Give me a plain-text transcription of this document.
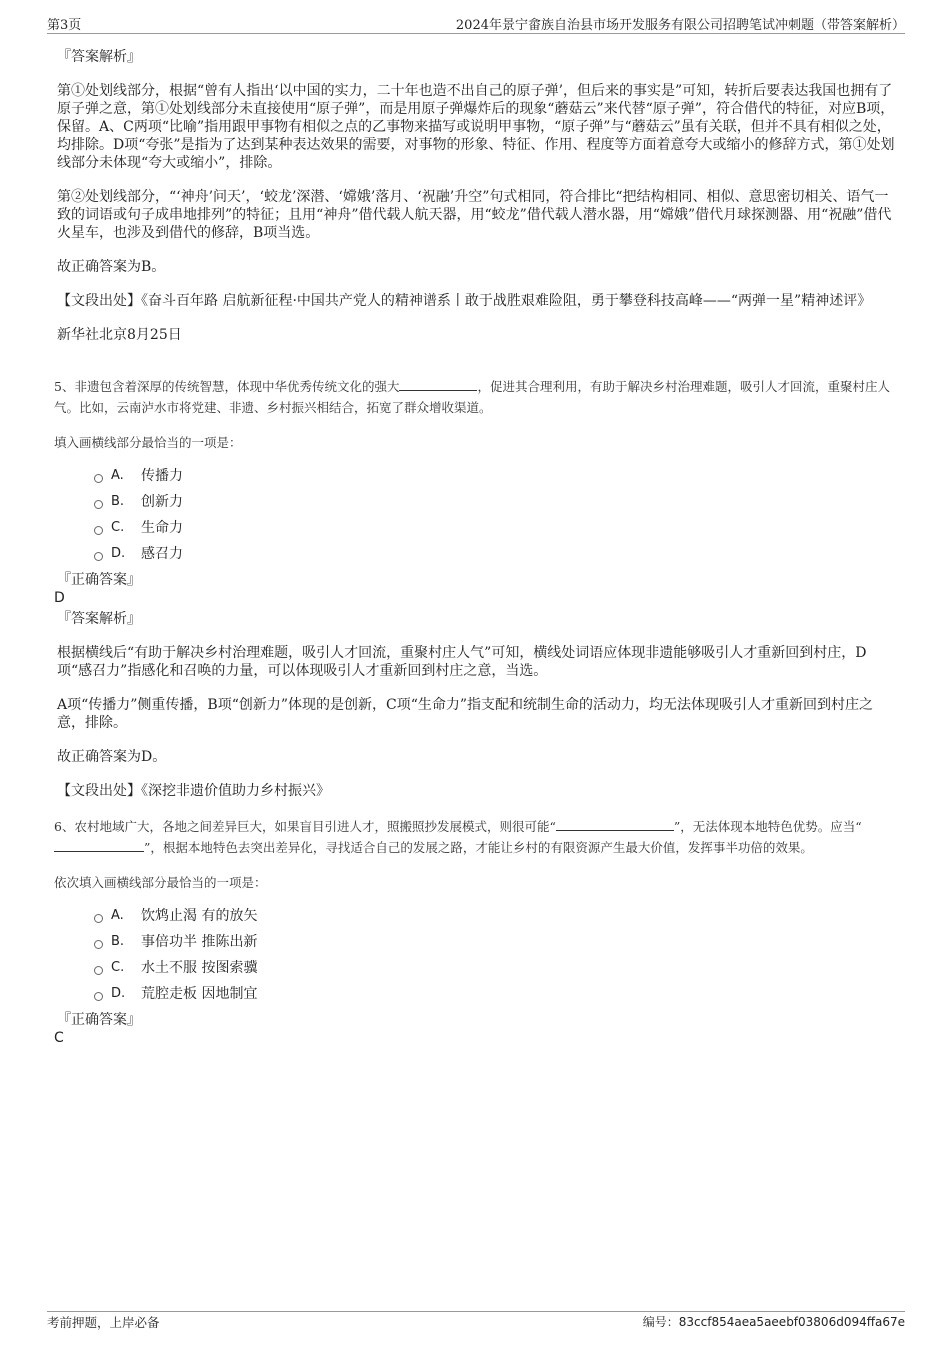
第3页	2024年景宁畲族自治县市场开发服务有限公司招聘笔试冲刺题（带答案解析）

『答案解析』

第①处划线部分，根据“曾有人指出‘以中国的实力，二十年也造不出自己的原子弹’，但后来的事实是”可知，转折后要表达我国也拥有了原子弹之意，第①处划线部分未直接使用“原子弹”，而是用原子弹爆炸后的现象“蘑菇云”来代替“原子弹”，符合借代的特征，对应B项，保留。A、C两项“比喻”指用跟甲事物有相似之点的乙事物来描写或说明甲事物，“原子弹”与“蘑菇云”虽有关联，但并不具有相似之处，均排除。D项“夸张”是指为了达到某种表达效果的需要，对事物的形象、特征、作用、程度等方面着意夸大或缩小的修辞方式，第①处划线部分未体现“夸大或缩小”，排除。

第②处划线部分，“‘神舟’问天’，‘蛟龙’深潜、‘嫦娥’落月、‘祝融’升空”句式相同，符合排比“把结构相同、相似、意思密切相关、语气一致的词语或句子成串地排列”的特征；且用“神舟”借代载人航天器，用“蛟龙”借代载人潜水器，用“嫦娥”借代月球探测器、用“祝融”借代火星车，也涉及到借代的修辞，B项当选。

故正确答案为B。

【文段出处】《奋斗百年路 启航新征程·中国共产党人的精神谱系丨敢于战胜艰难险阻，勇于攀登科技高峰——“两弹一星”精神述评》

新华社北京8月25日

5、非遗包含着深厚的传统智慧，体现中华优秀传统文化的强大	，促进其合理利用，有助于解决乡村治理难题，吸引人才回流，重聚村庄人气。比如，云南泸水市将党建、非遗、乡村振兴相结合，拓宽了群众增收渠道。

填入画横线部分最恰当的一项是：

A.	传播力
B.	创新力
C.	生命力
D.	感召力

『正确答案』

D

『答案解析』

根据横线后“有助于解决乡村治理难题，吸引人才回流，重聚村庄人气”可知，横线处词语应体现非遗能够吸引人才重新回到村庄，D项“感召力”指感化和召唤的力量，可以体现吸引人才重新回到村庄之意，当选。

A项“传播力”侧重传播，B项“创新力”体现的是创新，C项“生命力”指支配和统制生命的活动力，均无法体现吸引人才重新回到村庄之意，排除。

故正确答案为D。

【文段出处】《深挖非遗价值助力乡村振兴》

6、农村地域广大，各地之间差异巨大，如果盲目引进人才，照搬照抄发展模式，则很可能“	”，无法体现本地特色优势。应当“
”，根据本地特色去突出差异化，寻找适合自己的发展之路，才能让乡村的有限资源产生最大价值，发挥事半功倍的效果。

依次填入画横线部分最恰当的一项是：

A.	饮鸩止渴 有的放矢
B.	事倍功半 推陈出新
C.	水土不服 按图索骥
D.	荒腔走板 因地制宜

『正确答案』

C

考前押题，上岸必备	编号：83ccf854aea5aeebf03806d094ffa67e
